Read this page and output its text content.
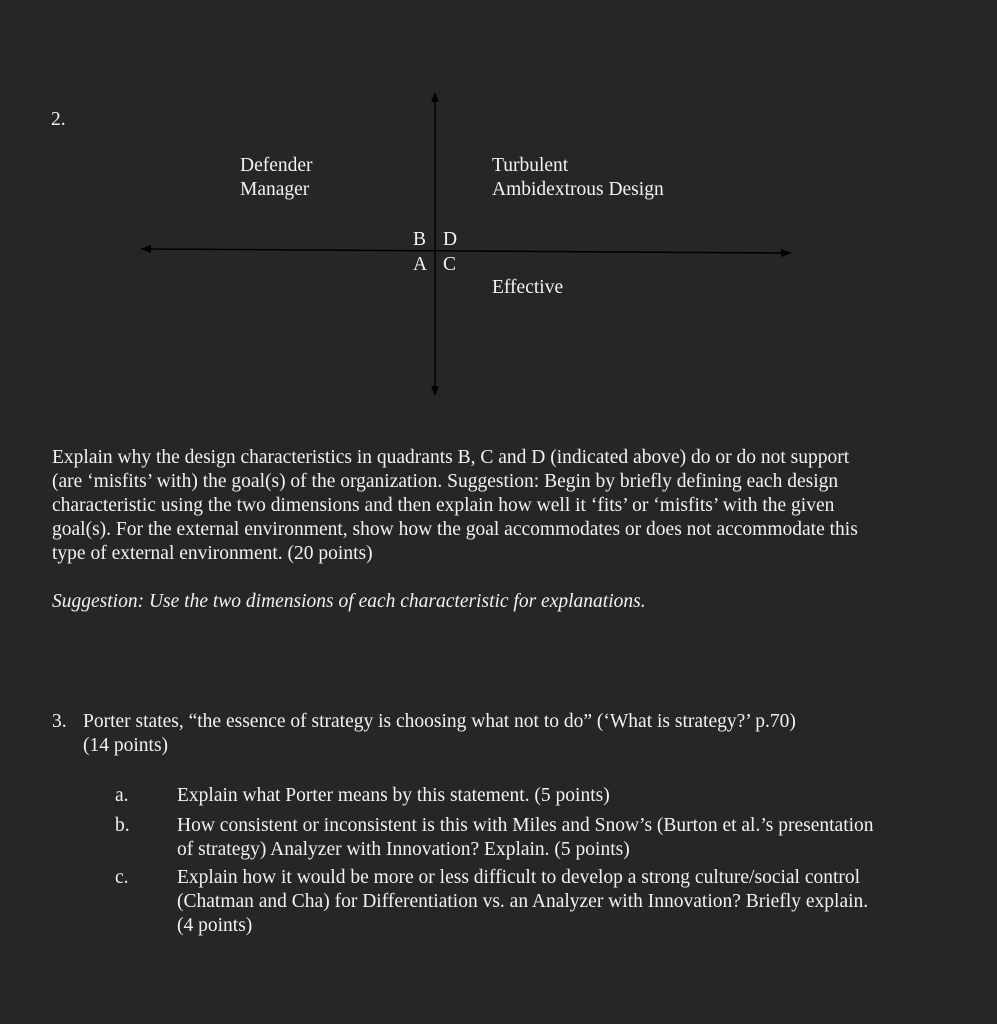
2.
Defender
Manager
Turbulent
Ambidextrous Design
B D
A C
Effective
Explain why the design characteristics in quadrants B, C and D (indicated above) do or do not support
(are ‘misfits’ with) the goal(s) of the organization. Suggestion: Begin by briefly defining each design
characteristic using the two dimensions and then explain how well it ‘fits’ or ‘misfits’ with the given
goal(s). For the external environment, show how the goal accommodates or does not accommodate this
type of external environment. (20 points)
Suggestion: Use the two dimensions of each characteristic for explanations.
3. Porter states, “the essence of strategy is choosing what not to do” (‘What is strategy?’ p.70)
(14 points)
a. Explain what Porter means by this statement. (5 points)
b. How consistent or inconsistent is this with Miles and Snow’s (Burton et al.’s presentation
of strategy) Analyzer with Innovation? Explain. (5 points)
c. Explain how it would be more or less difficult to develop a strong culture/social control
(Chatman and Cha) for Differentiation vs. an Analyzer with Innovation? Briefly explain.
(4 points)
